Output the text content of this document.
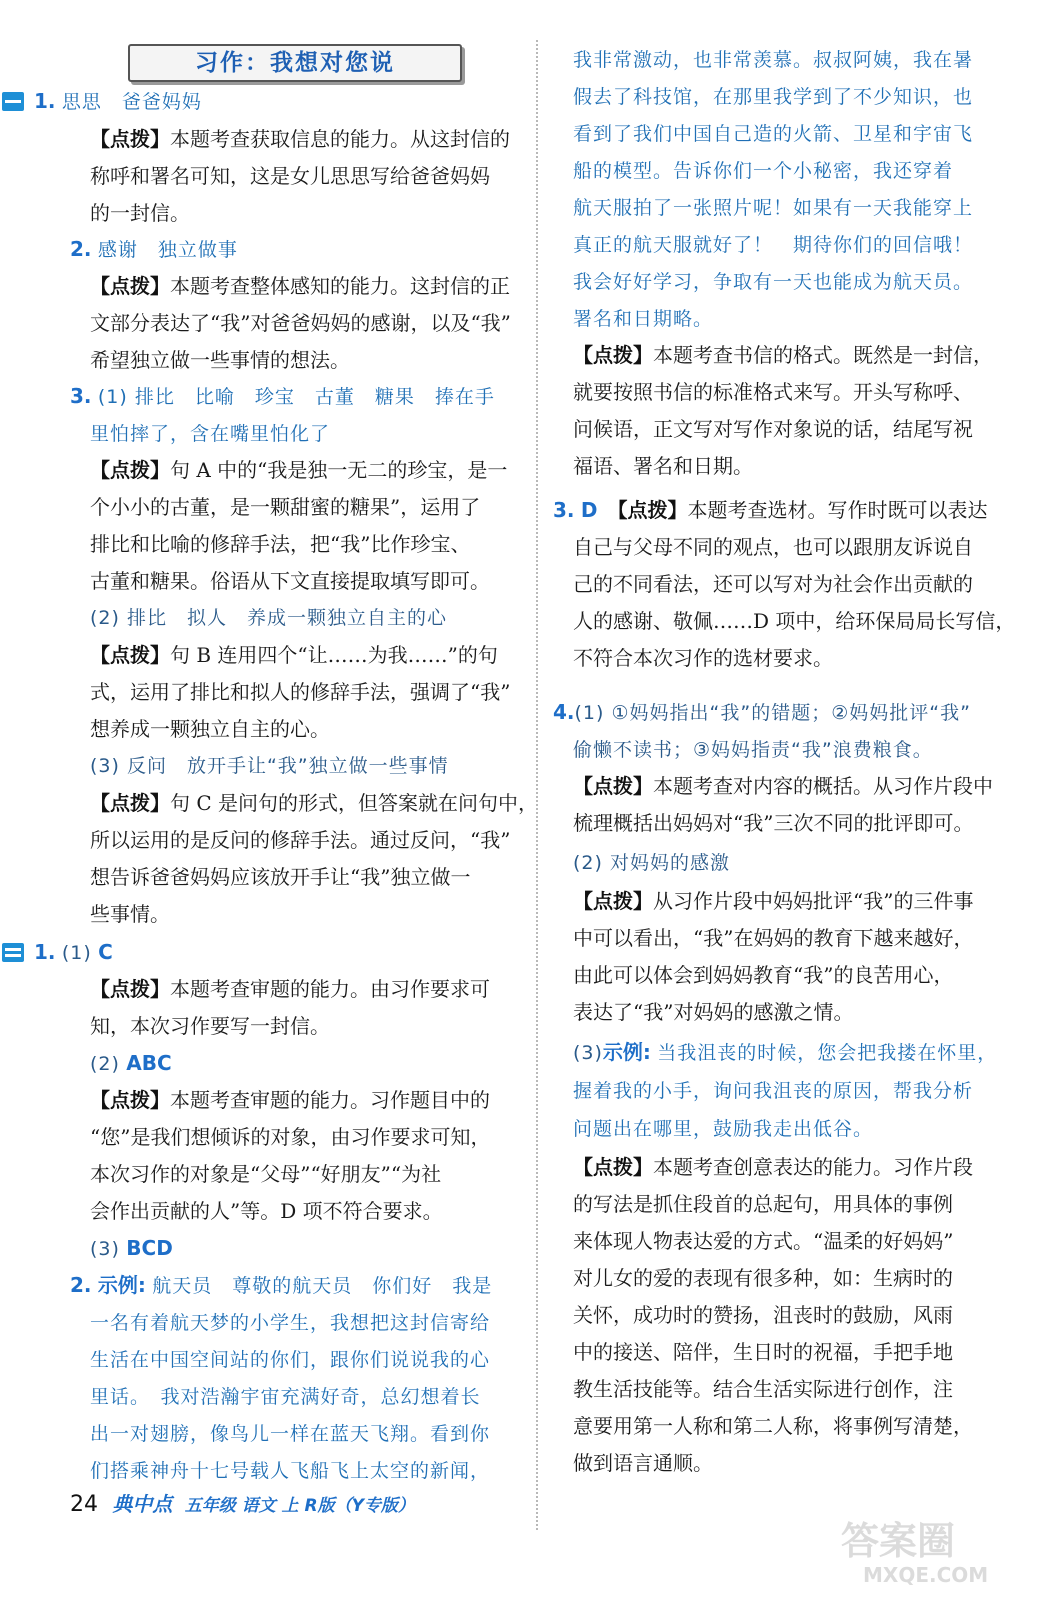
习作：我想对您说
1. 思思　爸爸妈妈
【点拨】本题考查获取信息的能力。从这封信的
称呼和署名可知，这是女儿思思写给爸爸妈妈
的一封信。
2. 感谢　独立做事
【点拨】本题考查整体感知的能力。这封信的正
文部分表达了“我”对爸爸妈妈的感谢，以及“我”
希望独立做一些事情的想法。
3. (1) 排比　比喻　珍宝　古董　糖果　捧在手
里怕摔了，含在嘴里怕化了
【点拨】句 A 中的“我是独一无二的珍宝，是一
个小小的古董，是一颗甜蜜的糖果”，运用了
排比和比喻的修辞手法，把“我”比作珍宝、
古董和糖果。俗语从下文直接提取填写即可。
(2) 排比　拟人　养成一颗独立自主的心
【点拨】句 B 连用四个“让……为我……”的句
式，运用了排比和拟人的修辞手法，强调了“我”
想养成一颗独立自主的心。
(3) 反问　放开手让“我”独立做一些事情
【点拨】句 C 是问句的形式，但答案就在问句中，
所以运用的是反问的修辞手法。通过反问，“我”
想告诉爸爸妈妈应该放开手让“我”独立做一
些事情。
1. (1) C
【点拨】本题考查审题的能力。由习作要求可
知，本次习作要写一封信。
(2) ABC
【点拨】本题考查审题的能力。习作题目中的
“您”是我们想倾诉的对象，由习作要求可知，
本次习作的对象是“父母”“好朋友”“为社
会作出贡献的人”等。D 项不符合要求。
(3) BCD
2. 示例: 航天员　尊敬的航天员　你们好　我是
一名有着航天梦的小学生，我想把这封信寄给
生活在中国空间站的你们，跟你们说说我的心
里话。　我对浩瀚宇宙充满好奇，总幻想着长
出一对翅膀，像鸟儿一样在蓝天飞翔。看到你
们搭乘神舟十七号载人飞船飞上太空的新闻，
我非常激动，也非常羡慕。叔叔阿姨，我在暑
假去了科技馆，在那里我学到了不少知识，也
看到了我们中国自己造的火箭、卫星和宇宙飞
船的模型。告诉你们一个小秘密，我还穿着
航天服拍了一张照片呢！如果有一天我能穿上
真正的航天服就好了！　期待你们的回信哦！
我会好好学习，争取有一天也能成为航天员。
署名和日期略。
【点拨】本题考查书信的格式。既然是一封信，
就要按照书信的标准格式来写。开头写称呼、
问候语，正文写对写作对象说的话，结尾写祝
福语、署名和日期。
3. D　 【点拨】本题考查选材。写作时既可以表达
自己与父母不同的观点，也可以跟朋友诉说自
己的不同看法，还可以写对为社会作出贡献的
人的感谢、敬佩……D 项中，给环保局局长写信，
不符合本次习作的选材要求。
4.(1) ①妈妈指出“我”的错题；②妈妈批评“我”
偷懒不读书；③妈妈指责“我”浪费粮食。
【点拨】本题考查对内容的概括。从习作片段中
梳理概括出妈妈对“我”三次不同的批评即可。
(2) 对妈妈的感激
【点拨】从习作片段中妈妈批评“我”的三件事
中可以看出，“我”在妈妈的教育下越来越好，
由此可以体会到妈妈教育“我”的良苦用心，
表达了“我”对妈妈的感激之情。
(3)示例: 当我沮丧的时候，您会把我搂在怀里，
握着我的小手，询问我沮丧的原因，帮我分析
问题出在哪里，鼓励我走出低谷。
【点拨】本题考查创意表达的能力。习作片段
的写法是抓住段首的总起句，用具体的事例
来体现人物表达爱的方式。“温柔的好妈妈”
对儿女的爱的表现有很多种，如：生病时的
关怀，成功时的赞扬，沮丧时的鼓励，风雨
中的接送、陪伴，生日时的祝福，手把手地
教生活技能等。结合生活实际进行创作，注
意要用第一人称和第二人称，将事例写清楚，
做到语言通顺。
24 典中点 五年级 语文 上 R版（Y专版）
答案圈
MXQE.COM
